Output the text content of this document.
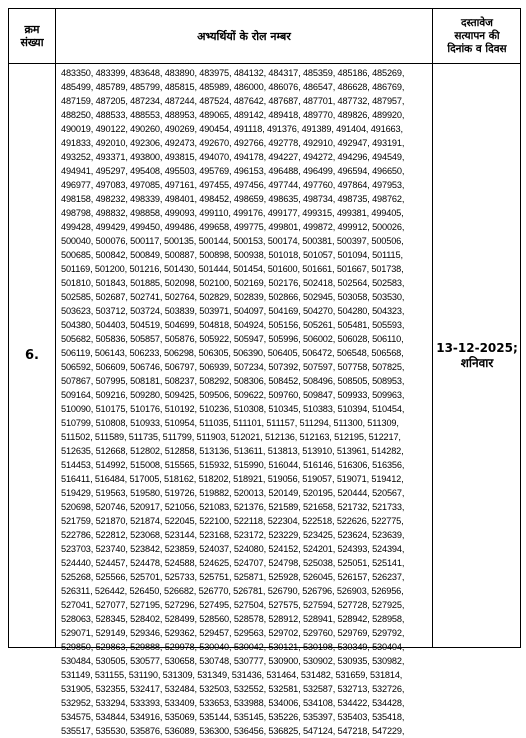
क्रम
संख्या	अभ्यर्थियों के रोल नम्बर
दस्तावेज
सत्यापन की
दिनांक व दिवस
6.
483350, 483399, 483648, 483890, 483975, 484132, 484317, 485359, 485186, 485269,
485499, 485789, 485799, 485815, 485989, 486000, 486076, 486547, 486628, 486769,
487159, 487205, 487234, 487244, 487524, 487642, 487687, 487701, 487732, 487957,
488250, 488533, 488553, 488953, 489065, 489142, 489418, 489770, 489826, 489920,
490019, 490122, 490260, 490269, 490454, 491118, 491376, 491389, 491404, 491663,
491833, 492010, 492306, 492473, 492670, 492766, 492778, 492910, 492947, 493191,
493252, 493371, 493800, 493815, 494070, 494178, 494227, 494272, 494296, 494549,
494941, 495297, 495408, 495503, 495769, 496153, 496488, 496499, 496594, 496650,
496977, 497083, 497085, 497161, 497455, 497456, 497744, 497760, 497864, 497953,
498158, 498232, 498339, 498401, 498452, 498659, 498635, 498734, 498735, 498762,
498798, 498832, 498858, 499093, 499110, 499176, 499177, 499315, 499381, 499405,
499428, 499429, 499450, 499486, 499658, 499775, 499801, 499872, 499912, 500026,
500040, 500076, 500117, 500135, 500144, 500153, 500174, 500381, 500397, 500506,
500685, 500842, 500849, 500887, 500898, 500938, 501018, 501057, 501094, 501115,
501169, 501200, 501216, 501430, 501444, 501454, 501600, 501661, 501667, 501738,
501810, 501843, 501885, 502098, 502100, 502169, 502176, 502418, 502564, 502583,
502585, 502687, 502741, 502764, 502829, 502839, 502866, 502945, 503058, 503530,
503623, 503712, 503724, 503839, 503971, 504097, 504169, 504270, 504280, 504323,
504380, 504403, 504519, 504699, 504818, 504924, 505156, 505261, 505481, 505593,
505682, 505836, 505857, 505876, 505922, 505947, 505996, 506002, 506028, 506110,
506119, 506143, 506233, 506298, 506305, 506390, 506405, 506472, 506548, 506568,
506592, 506609, 506746, 506797, 506939, 507234, 507392, 507597, 507758, 507825,
507867, 507995, 508181, 508237, 508292, 508306, 508452, 508496, 508505, 508953,
509164, 509216, 509280, 509425, 509506, 509622, 509760, 509847, 509933, 509963,
510090, 510175, 510176, 510192, 510236, 510308, 510345, 510383, 510394, 510454,
510799, 510808, 510933, 510954, 511035, 511101, 511157, 511294, 511300, 511309,
511502, 511589, 511735, 511799, 511903, 512021, 512136, 512163, 512195, 512217,
512635, 512668, 512802, 512858, 513136, 513611, 513813, 513910, 513961, 514282,
514453, 514992, 515008, 515565, 515932, 515990, 516044, 516146, 516306, 516356,
516411, 516484, 517005, 518162, 518202, 518921, 519056, 519057, 519071, 519412,
519429, 519563, 519580, 519726, 519882, 520013, 520149, 520195, 520444, 520567,
520698, 520746, 520917, 521056, 521083, 521376, 521589, 521658, 521732, 521733,
521759, 521870, 521874, 522045, 522100, 522118, 522304, 522518, 522626, 522775,
522786, 522812, 523068, 523144, 523168, 523172, 523229, 523425, 523624, 523639,
523703, 523740, 523842, 523859, 524037, 524080, 524152, 524201, 524393, 524394,
524440, 524457, 524478, 524588, 524625, 524707, 524798, 525038, 525051, 525141,
525268, 525566, 525701, 525733, 525751, 525871, 525928, 526045, 526157, 526237,
526311, 526442, 526450, 526682, 526770, 526781, 526790, 526796, 526903, 526956,
527041, 527077, 527195, 527296, 527495, 527504, 527575, 527594, 527728, 527925,
528063, 528345, 528402, 528499, 528560, 528578, 528912, 528941, 528942, 528958,
529071, 529149, 529346, 529362, 529457, 529563, 529702, 529760, 529769, 529792,
529850, 529863, 529888, 529978, 530040, 530042, 530121, 530198, 530349, 530404,
530484, 530505, 530577, 530658, 530748, 530777, 530900, 530902, 530935, 530982,
531149, 531155, 531190, 531309, 531349, 531436, 531464, 531482, 531659, 531814,
531905, 532355, 532417, 532484, 532503, 532552, 532581, 532587, 532713, 532726,
532952, 533294, 533393, 533409, 533653, 533988, 534006, 534108, 534422, 534428,
534575, 534844, 534916, 535069, 535144, 535145, 535226, 535397, 535403, 535418,
535517, 535530, 535876, 536089, 536300, 536456, 536825, 547124, 547218, 547229,
13-12-2025;
शनिवार
